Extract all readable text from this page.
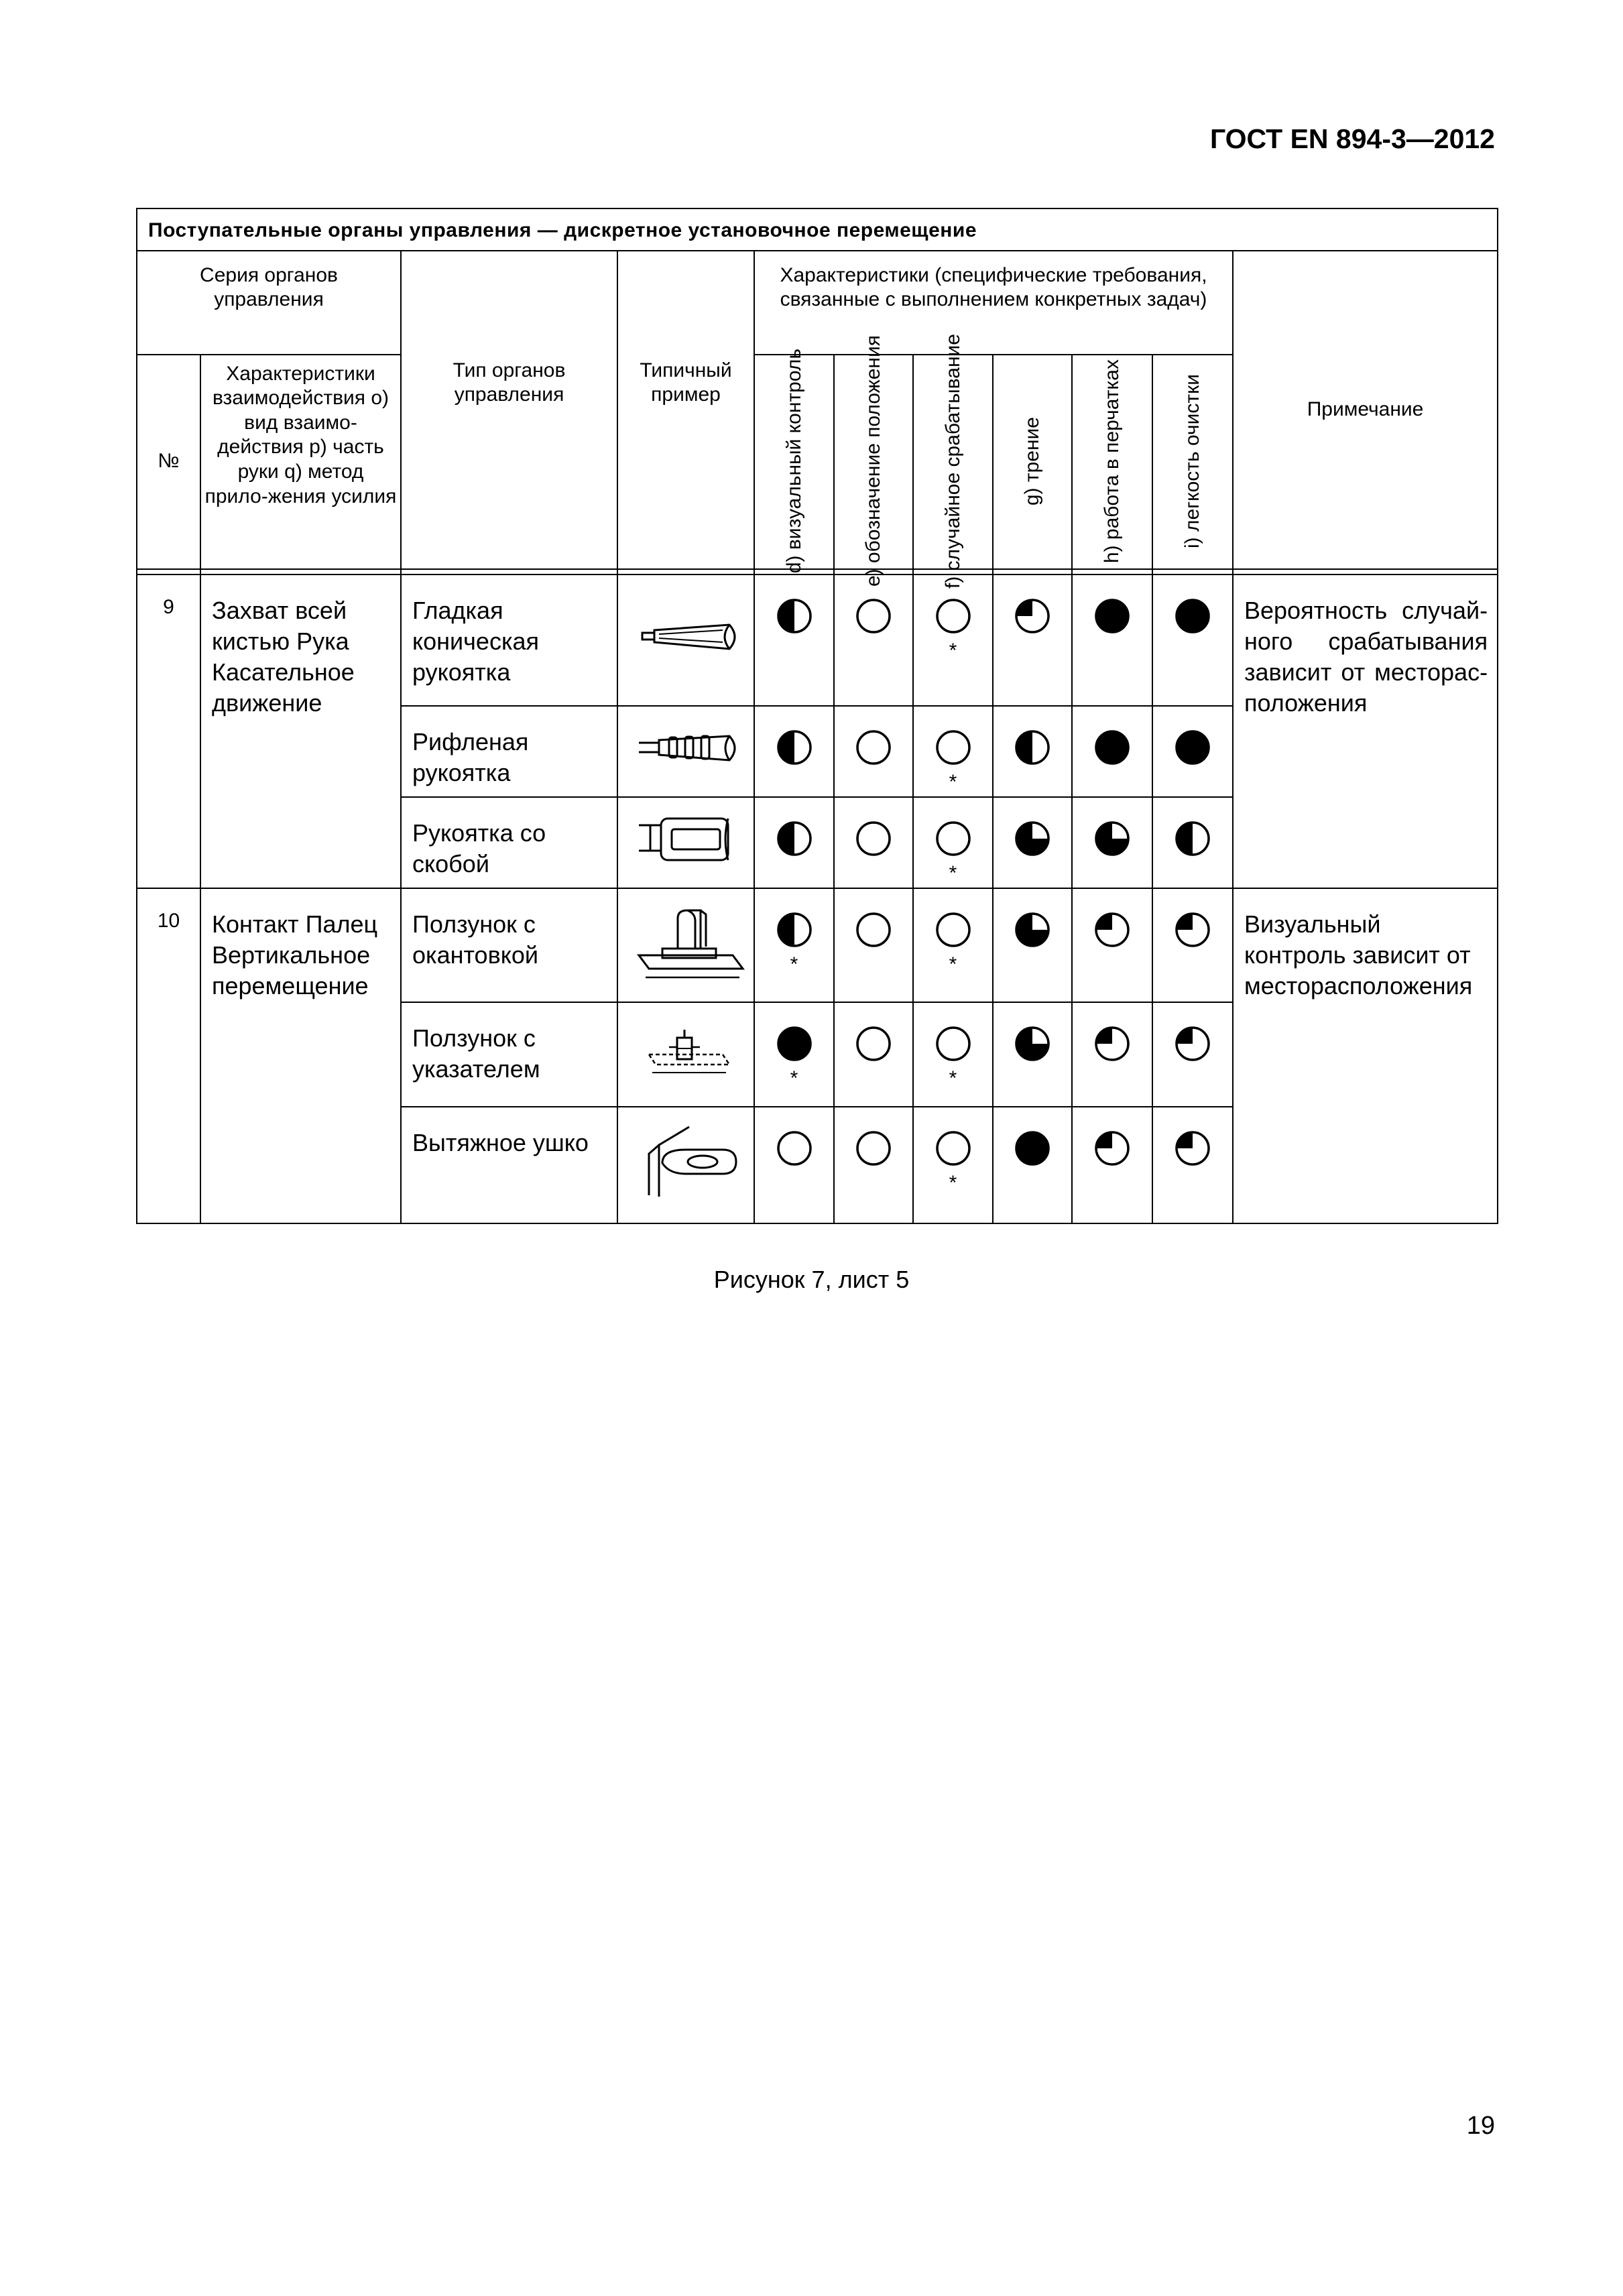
ГОСТ EN 894-3—2012
Поступательные органы управления — дискретное установочное перемещение										
Серия органов управления		Тип органов управления	Типичный пример	Характеристики (специфические требования, связанные с выполнением конкретных задач)						Примечание
№	Характеристики взаимодействия o) вид взаимо-действия p) часть руки q) метод прило-жения усилия			d) визуальный контроль	e) обозначение положения	f) случайное срабатывание	g) трение	h) работа в перчатках	i) легкость очистки	

9	Захват всей кистью Рука Касательное движение	Гладкая коническая рукоятка				*				Вероятность случай-ного срабатывания зависит от месторас-положения
		Рифленая рукоятка				*

		Рукоятка со скобой				*

10	Контакт Палец Вертикальное перемещение	Ползунок с окантовкой		*		*				Визуальный контроль зависит от месторасположения
		Ползунок с указателем		*		*

		Вытяжное ушко				*

Рисунок 7, лист 5
19
